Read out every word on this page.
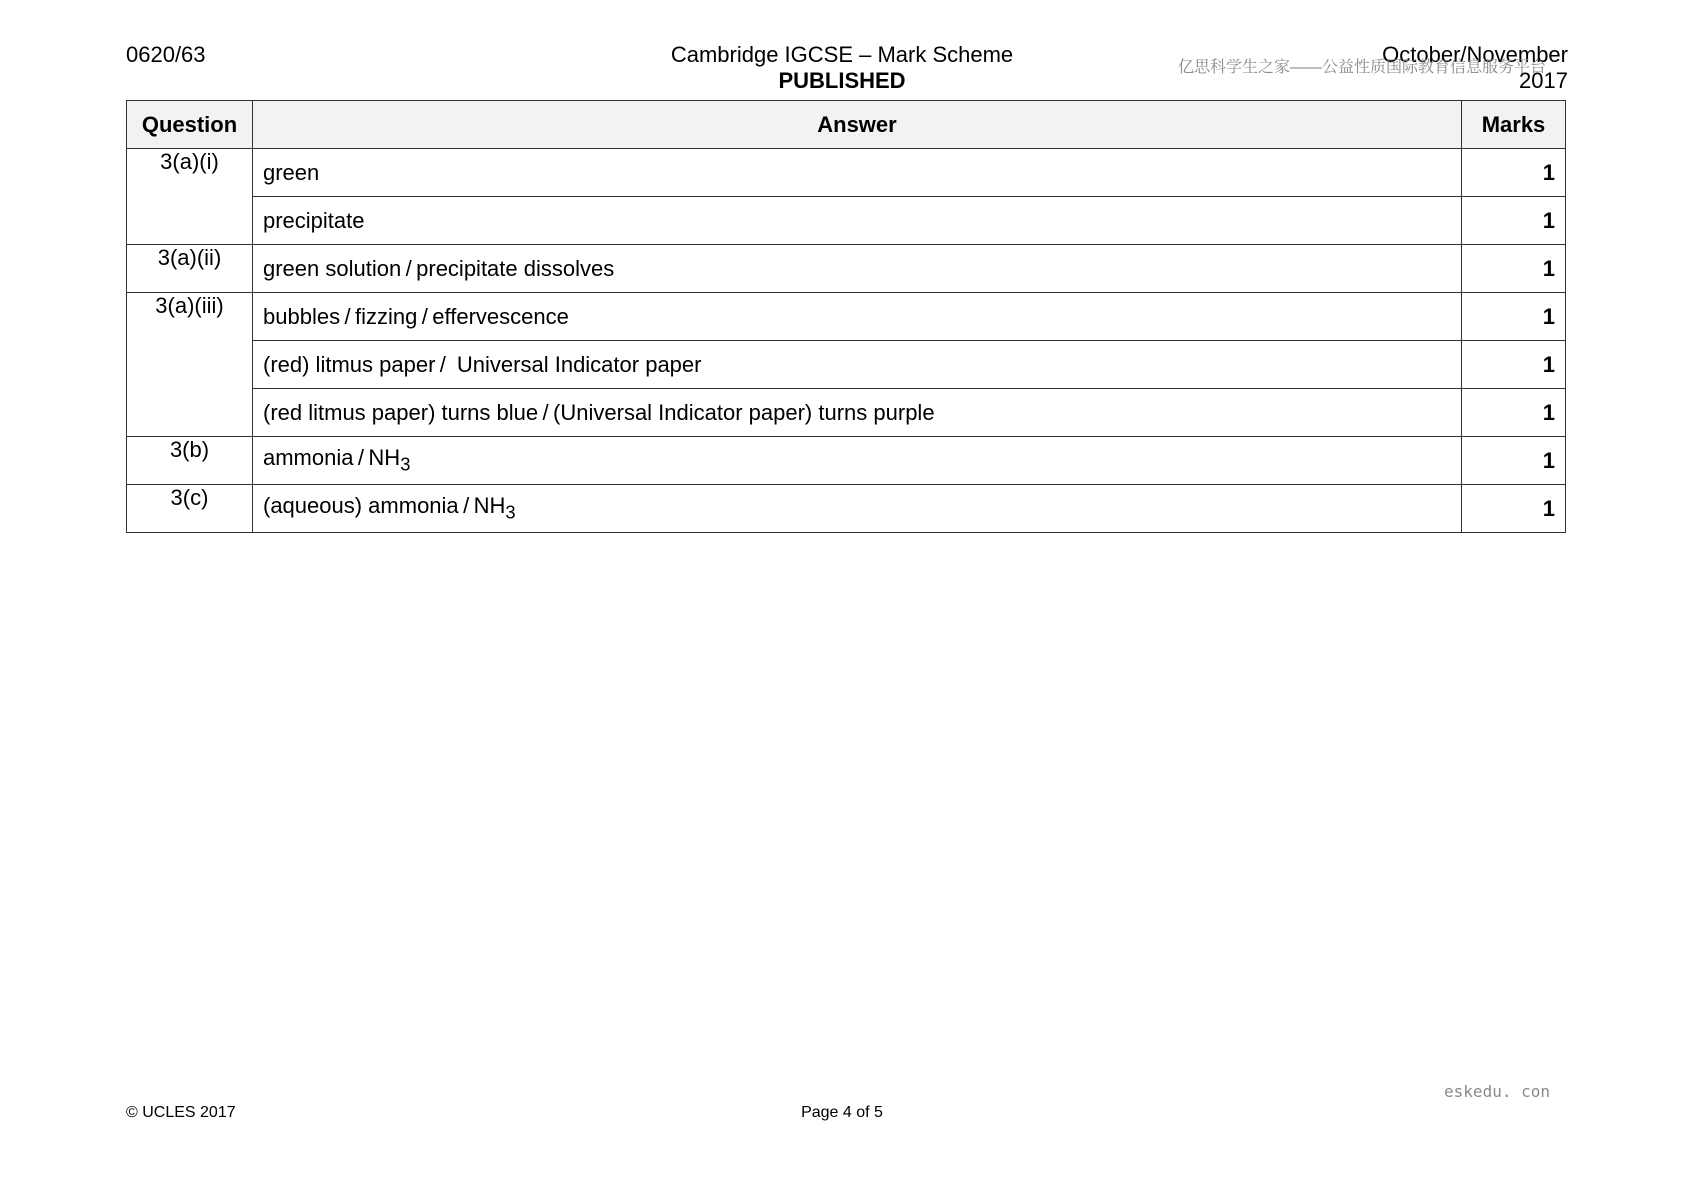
0620/63	Cambridge IGCSE – Mark Scheme
PUBLISHED
October/November
2017
亿思科学生之家——公益性质国际教育信息服务平台
Question	Answer	Marks
3(a)(i)	green	1
	precipitate	1
3(a)(ii)	green solution / precipitate dissolves	1
3(a)(iii)	bubbles / fizzing / effervescence	1
	(red) litmus paper / Universal Indicator paper	1
	(red litmus paper) turns blue / (Universal Indicator paper) turns purple	1
3(b)	ammonia / $NH_3$	1
3(c)	(aqueous) ammonia / $NH_3$	1
© UCLES 2017	Page 4 of 5
eskedu. con
